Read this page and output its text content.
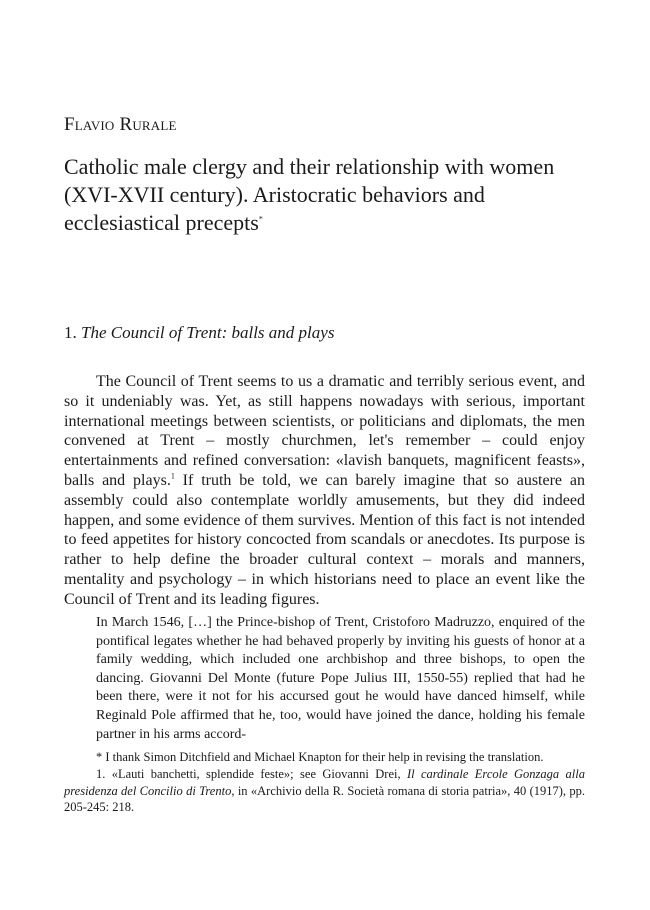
Flavio Rurale
Catholic male clergy and their relationship with women (XVI-XVII century). Aristocratic behaviors and ecclesiastical precepts*
1. The Council of Trent: balls and plays

The Council of Trent seems to us a dramatic and terribly serious event, and so it undeniably was. Yet, as still happens nowadays with serious, important international meetings between scientists, or politicians and diplomats, the men convened at Trent – mostly churchmen, let's remember – could enjoy entertainments and refined conversation: «lavish banquets, magnificent feasts», balls and plays.$^1$ If truth be told, we can barely imagine that so austere an assembly could also contemplate worldly amusements, but they did indeed happen, and some evidence of them survives. Mention of this fact is not intended to feed appetites for history concocted from scandals or anecdotes. Its purpose is rather to help define the broader cultural context – morals and manners, mentality and psychology – in which historians need to place an event like the Council of Trent and its leading figures.

In March 1546, […] the Prince-bishop of Trent, Cristoforo Madruzzo, enquired of the pontifical legates whether he had behaved properly by inviting his guests of honor at a family wedding, which included one archbishop and three bishops, to open the dancing. Giovanni Del Monte (future Pope Julius III, 1550-55) replied that had he been there, were it not for his accursed gout he would have danced himself, while Reginald Pole affirmed that he, too, would have joined the dance, holding his female partner in his arms accord-

* I thank Simon Ditchfield and Michael Knapton for their help in revising the translation.

1. «Lauti banchetti, splendide feste»; see Giovanni Drei, Il cardinale Ercole Gonzaga alla presidenza del Concilio di Trento, in «Archivio della R. Società romana di storia patria», 40 (1917), pp. 205-245: 218.
